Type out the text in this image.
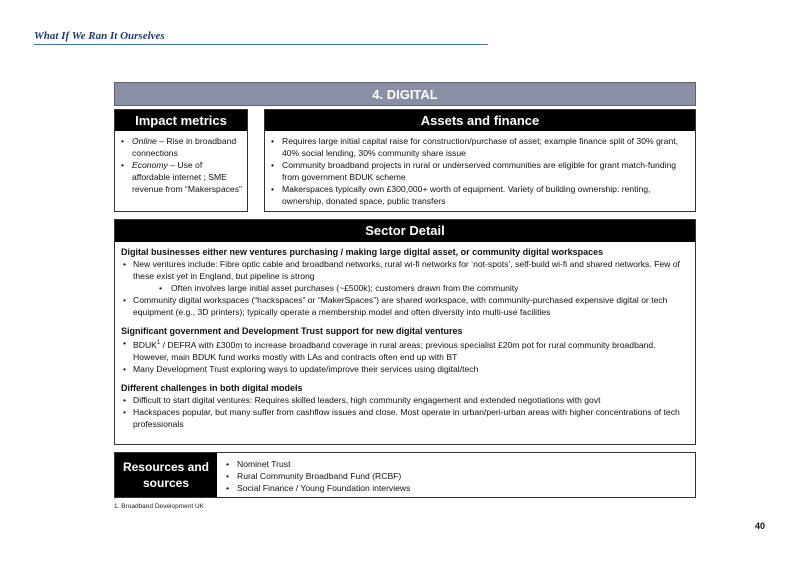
What If We Ran It Ourselves
4. DIGITAL
Impact metrics
• Online – Rise in broadband connections
• Economy – Use of affordable internet ; SME revenue from “Makerspaces”
Assets and finance
• Requires large initial capital raise for construction/purchase of asset; example finance split of 30% grant, 40% social lending, 30% community share issue
• Community broadband projects in rural or underserved communities are eligible for grant match-funding from government BDUK scheme
• Makerspaces typically own £300,000+ worth of equipment. Variety of building ownership: renting, ownership, donated space, public transfers
Sector Detail
Digital businesses either new ventures purchasing / making large digital asset, or community digital workspaces
• New ventures include: Fibre optic cable and broadband networks, rural wi-fi networks for ‘not-spots’, self-build wi-fi and shared networks. Few of these exist yet in England, but pipeline is strong
• Often involves large initial asset purchases (~£500k); customers drawn from the community
• Community digital workspaces (“hackspaces” or “MakerSpaces”) are shared workspace, with community-purchased expensive digital or tech equipment (e.g., 3D printers); typically operate a membership model and often diversity into multi-use facilities
Significant government and Development Trust support for new digital ventures
• BDUK$^1$ / DEFRA with £300m to increase broadband coverage in rural areas; previous specialist £20m pot for rural community broadband. However, main BDUK fund works mostly with LAs and contracts often end up with BT
• Many Development Trust exploring ways to update/improve their services using digital/tech
Different challenges in both digital models
• Difficult to start digital ventures: Requires skilled leaders, high community engagement and extended negotiations with govt
• Hackspaces popular, but many suffer from cashflow issues and close. Most operate in urban/peri-urban areas with higher concentrations of tech professionals
Resources and sources
• Nominet Trust
• Rural Community Broadband Fund (RCBF)
• Social Finance / Young Foundation interviews
1. Broadband Development UK
40
